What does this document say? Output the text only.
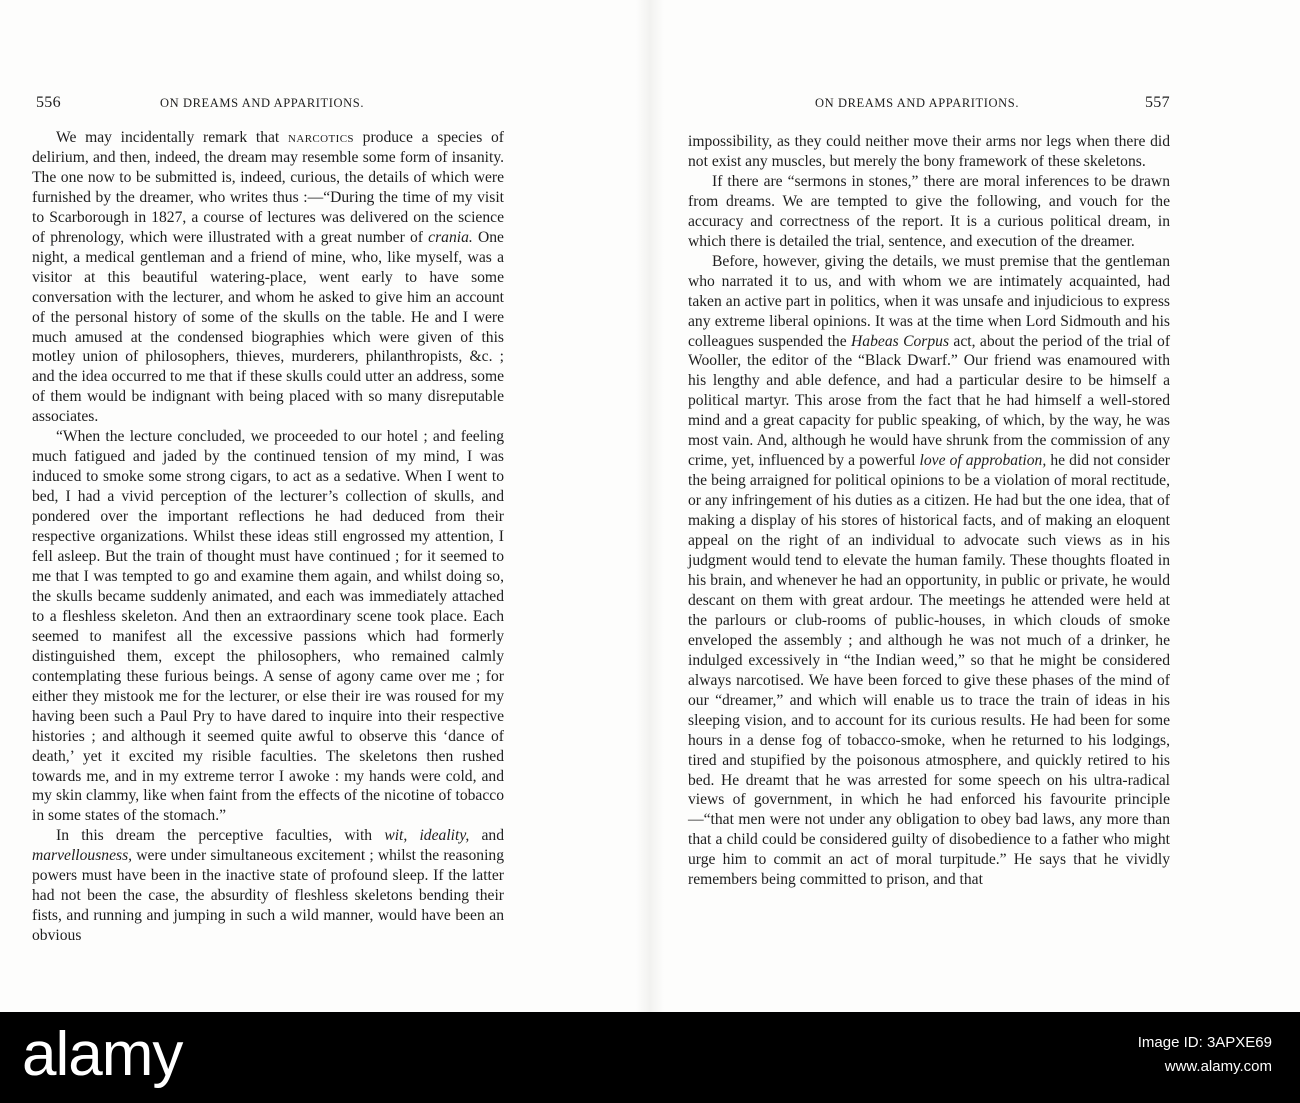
556	ON DREAMS AND APPARITIONS.	ON DREAMS AND APPARITIONS.	557

We may incidentally remark that narcotics produce a species of delirium, and then, indeed, the dream may resemble some form of insanity. The one now to be submitted is, indeed, curious, the details of which were furnished by the dreamer, who writes thus :—“During the time of my visit to Scarborough in 1827, a course of lectures was delivered on the science of phrenology, which were illustrated with a great number of crania. One night, a medical gentleman and a friend of mine, who, like myself, was a visitor at this beautiful watering-place, went early to have some conversation with the lecturer, and whom he asked to give him an account of the personal history of some of the skulls on the table. He and I were much amused at the condensed biographies which were given of this motley union of philosophers, thieves, murderers, philanthropists, &c. ; and the idea occurred to me that if these skulls could utter an address, some of them would be indignant with being placed with so many disreputable associates.

“When the lecture concluded, we proceeded to our hotel ; and feeling much fatigued and jaded by the continued tension of my mind, I was induced to smoke some strong cigars, to act as a sedative. When I went to bed, I had a vivid perception of the lecturer’s collection of skulls, and pondered over the important reflections he had deduced from their respective organizations. Whilst these ideas still engrossed my attention, I fell asleep. But the train of thought must have continued ; for it seemed to me that I was tempted to go and examine them again, and whilst doing so, the skulls became suddenly animated, and each was immediately attached to a fleshless skeleton. And then an extraordinary scene took place. Each seemed to manifest all the excessive passions which had formerly distinguished them, except the philosophers, who remained calmly contemplating these furious beings. A sense of agony came over me ; for either they mistook me for the lecturer, or else their ire was roused for my having been such a Paul Pry to have dared to inquire into their respective histories ; and although it seemed quite awful to observe this ‘dance of death,’ yet it excited my risible faculties. The skeletons then rushed towards me, and in my extreme terror I awoke : my hands were cold, and my skin clammy, like when faint from the effects of the nicotine of tobacco in some states of the stomach.”

In this dream the perceptive faculties, with wit, ideality, and marvellousness, were under simultaneous excitement ; whilst the reasoning powers must have been in the inactive state of profound sleep. If the latter had not been the case, the absurdity of fleshless skeletons bending their fists, and running and jumping in such a wild manner, would have been an obvious

impossibility, as they could neither move their arms nor legs when there did not exist any muscles, but merely the bony framework of these skeletons.

If there are “sermons in stones,” there are moral inferences to be drawn from dreams. We are tempted to give the following, and vouch for the accuracy and correctness of the report. It is a curious political dream, in which there is detailed the trial, sentence, and execution of the dreamer.

Before, however, giving the details, we must premise that the gentleman who narrated it to us, and with whom we are intimately acquainted, had taken an active part in politics, when it was unsafe and injudicious to express any extreme liberal opinions. It was at the time when Lord Sidmouth and his colleagues suspended the Habeas Corpus act, about the period of the trial of Wooller, the editor of the “Black Dwarf.” Our friend was enamoured with his lengthy and able defence, and had a particular desire to be himself a political martyr. This arose from the fact that he had himself a well-stored mind and a great capacity for public speaking, of which, by the way, he was most vain. And, although he would have shrunk from the commission of any crime, yet, influenced by a powerful love of approbation, he did not consider the being arraigned for political opinions to be a violation of moral rectitude, or any infringement of his duties as a citizen. He had but the one idea, that of making a display of his stores of historical facts, and of making an eloquent appeal on the right of an individual to advocate such views as in his judgment would tend to elevate the human family. These thoughts floated in his brain, and whenever he had an opportunity, in public or private, he would descant on them with great ardour. The meetings he attended were held at the parlours or club-rooms of public-houses, in which clouds of smoke enveloped the assembly ; and although he was not much of a drinker, he indulged excessively in “the Indian weed,” so that he might be considered always narcotised. We have been forced to give these phases of the mind of our “dreamer,” and which will enable us to trace the train of ideas in his sleeping vision, and to account for its curious results. He had been for some hours in a dense fog of tobacco-smoke, when he returned to his lodgings, tired and stupified by the poisonous atmosphere, and quickly retired to his bed. He dreamt that he was arrested for some speech on his ultra-radical views of government, in which he had enforced his favourite principle—“that men were not under any obligation to obey bad laws, any more than that a child could be considered guilty of disobedience to a father who might urge him to commit an act of moral turpitude.” He says that he vividly remembers being committed to prison, and that

alamy	Image ID: 3APXE69
www.alamy.com
